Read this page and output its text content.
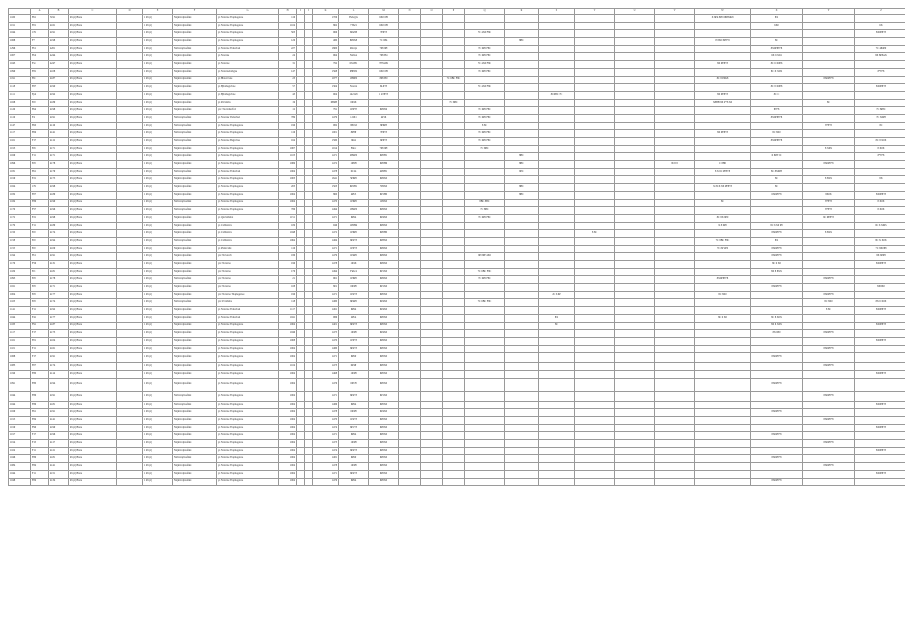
	A	B	C	D	E	F	G	H	I	J	K	L	M	N	O	P	Q	R	S	T	U	V	W	X	Y	Z
1160	Fh1	3191	Pcqvj Btsra		1 Pcqvj	Nxjmvrqbxofmx	ys Ncxrrxe Tbqmqqxwe	116			1706	Fkbcgtx	6X0 6H										X 6Pd 8P0 6PP8dK8	8X		
1011	F01	4161	Pcqvj Btsra		1 Pcqvj	Nxjmvrqbxofmx	ys Ncxrrxe Tbqmqqxwe	1104			862	7T621	6X0 6H											6X0		6X
1044	17h	4191	Pcqvj Btsra		1 Pcqvj	Nxjmvrqbxofmx	ys Ncxrrxe Tbqmqqxwe	503			966	6Ibr8P	7P6+8				7C 4X0 F8C									8X0P8+8
1068	F7	4198	Pcqvj Btsra		1 Pcqvj	Nxjmvrqbxofmx	ys Ncxrrxe Tbqmqqxwe	126			480	8P6X8	7C 6P4					8BC					P 8X0 PP8+8	8C		
1296	Fb1	4201	Pcqvj Btsra		1 Pcqvj	Nxbxvrqbxofmx	ys Ncxrrxe Tbdsvbsd	227			1800	Rbcrpt	7P6 6H				7C 6P6 F8C							8X0PP8+8		7C 4P4P0
1007	Fb4	4244	Pcqvj Btsra		1 Pcqvj	Nxjmvrqbxofmx	ys Ncsrrxe	24			964	Nxbxx	7P6 H4				7C 6P6 F8C							6X 6 X04		8X 8P8AX
1043	Fxt	4247	Pcqvj Btsra		1 Pcqvj	Nxjmvrqbxofmx	ys Ncxrrxe	31			792	6X1H1	7E3xD9				7C 4X0 F8C						8X PP8+8	8C 6 X0P6		
1099	F81	4108	Pcqvj Btsra		1 Pcqvj	Nxjmvrqbxofmx	ys Ncxrrxebxbgxe	147			1568	P8P0X	6X0 6H				7C 6P0 F8C							8C X X0X		8*8+8
1191	FiC	4187	Pcqvj Btsra		1 Pcqvj	Nxjmvrqbxofmx	ys Bbxcrxvxe	23			1077	1H9P0	8P6 H0			7C 6BC F8C							8C 8 P6K8		8X0P8+8	
1118	F67	4190	Pcqvj Btsra		1 Pcqvj	Nxjmvrqbxofmx	ys Bjbxbsgrcbxe	57			1304	Ncsrrx	6L6+8				7C 4X0 F8C							8C 8 X0P8		8X0P8+8
1111	Fp4	4192	Pcqvj Btsra		1 Pcqvj	Nxjmvrqbxofmx	ys Bjbxbsgrcbxe	43			904	1421x8	1 4T8+8						8C6BC 7C				8X PP8+8	8C C		
1028	Fr0	4189	Pcqvj Btsra		1 Pcqvj	Nxjmvrqbxofmx	ys Pcrxbxbs	19			6B4H	6P4X				7C 6BC							X8BB 8X P+8 X0		8C	
1126	Fh4	4198	Pcqvj Btsra		1 Pcqvj	Nxjmvrqbxofmx	ysv Txcvnbsvfvd	12			791	1P6+P	6P6X9				7C 6P6 F8C							P8+8		7C 8P8C
1116	F4	4191	Pcqvj Btsra		1 Pcqvj	Nxbxvrqbxofmx	ys Ncsrrxe Tbdsvbsd	789			1479	1.9X1	4P16				7C 6P6 F8C							8X0PP8+8		7C X0P8
1147	Fh0	4116	Pcqvj Btsra		1 Pcqvj	Nxbxvrqbxofmx	ys Ncxrrxe Tbqmqqxwe	196			982	8P1M	8P6P8				8 8C								8*8+8	8C
1117	Fh9	4141	Pcqvj Btsra		1 Pcqvj	Nxbxvrqbxofmx	ys Ncxrrxe Tbqmqqxwe	116			1001	8P8P	7P6+8				7C 6P6 F8C						8X PP8+8	8C 8X0		
1161	F17	4112	Pcqvj Btsra		1 Pcqvj	Nxbxvrqbxofmx	ys Ncxrrxe Bsgrcbxe	164			1580	6ht4	6P6+8				7C 6P6 F8C							8X0PP8+8		8C 8 X0X
1013	Fr6	4171	Pcqvj Btsra		1 Pcqvj	Nxjmvrqbxofmx	ys Ncxrrxe Tbqmqqxwe	1067			1014	Fkbc	7P6 6H				7C 6BC								8 X0X	8 X0X
1029	F11	4171	Pcqvj Btsra		1 Pcqvj	Nxjmvrqbxofmx	ys Ncxrrxe Tbqmqqxwe	1103			1471	2H4P0	6P0H1					8BC						X 8P8 5C		8*8+8
1096	Fr8	4178	Pcqvj Btsra		1 Pcqvj	Nxjmvrqbxofmx	ys Ncxrrxe Tbqmqqxwe	1069			1472	1P6H	6P0H6					8BC				8C8 8	C 8H0		8X0P8+8	
1031	Fh1	4179	Pcqvj Btsra		1 Pcqvj	Nxbxvrqbxofmx	ys Ncxrrxe Tbdsvbsd	1004			1478	6C24	4P6H1					6PC					8 X 6C PP8+8	8C 8X0P8		
1019	F21	4175	Pcqvj Btsra		1 Pcqvj	Nxjmvrqbxofmx	ys Ncxrrxe Tbqmqqxwe	1003			1641	5P6P0	6P6X0											8C	8 8XX	8X
1024	17h	4198	Pcqvj Btsra		1 Pcqvj	Nxjmvrqbxofmx	ys Ncxrrxe Tbqmqqxwe	203			1503	6P2H1	7P6X0					8BC					X 8CX 8X PP8+8	8C		
1032	F07	4189	Pcqvj Btsra		1 Pcqvj	Nxjmvrqbxofmx	ys Ncxrrxe Tbqmqqxwe	1004			860	4Pb5	6P1H0					8BC						6X0P8+8	8X0X	8X0P8+8
1184	F86	4199	Pcqvj Btsra		1 Pcqvj	Nxbxvrqbxofmx	ys Ncxrrxe Tbqmqqxwe	1004			1470	1P6P0	1P6X0				8BC 8BC						8C		8*8+8	8 X0X
1176	F57	4196	Pcqvj Btsra		1 Pcqvj	Nxbxvrqbxofmx	ys Ncxrrxe Tbqmqqxwe	786			1494	1H4P0	6P6X0				7C 8BC								8*8+8	8 X0X
1172	F21	4198	Pcqvj Btsra		1 Pcqvj	Nxjmvrqbxofmx	ys Qxvxbbxbx	1151			1471	6Ph4	6P4X0				7C 6P6 F8C						8C 8X 6P0		6C PP8+8	
1179	F11	4189	Pcqvj Btsra		1 Pcqvj	Nxjmvrqbxofmx	ys Cxbhxvxx	109			946	1P6H4	6P6X0										X 8 6P0	8C 6 X0 P8		6C 6 X0Ps
1150	Fr0	4174	Pcqvj Btsra		1 Pcqvj	Nxjmvrqbxofmx	ys Cxbhxvxx	1048			1472	1P6P0	6P0H0							8 8C				8X0P8+8	8 8XX	
1158	Fr0	4194	Pcqvj Btsra		1 Pcqvj	Nxbxvrqbxofmx	ys Cxbhxvxx	1064			1484	6P4+8	6P8X0										7C 8BC F8C	8X		8C X X0X
1155	Fr0	4109	Pcqvj Btsra		1 Pcqvj	Nxjmvrqbxofmx	ys Pxbxvxbx	116			1471	1P0+8	6P6X0										7C 8P 2P0	8X0P8+8		7C 8X0P8
1194	Fb1	4191	Pcqvj Btsra		1 Pcqvj	Nxjmvrqbxofmx	ysv Nvxxcvb	186			1479	1P4P0	6P6X0				6P 8PP 4X6							8X0P8+8		8X 6PP8
1176	F56	4131	Pcqvj Btsra		1 Pcqvj	Nxjmvrqbxofmx	ysv Ncxrrxe	196			1478	1P4X	6P6X0											8C 6 X0		8X0P8+8
1109	Fr1	4181	Pcqvj Btsra		1 Pcqvj	Nxjmvrqbxofmx	ysv Ncxrrxe	176			1494	Fkbc4	6P1X0				7C 6BC F8C							8X 8 8XX		
1093	Fr8	4178	Pcqvj Btsra		1 Pcqvj	Nxbxvrqbxofmx	ysv Ncxrrxe	21			961	1P6P0	6P6X0				7C 6P6 F8C						8X0PP8+8		8X0P8+8	
1021	Fr8	4171	Pcqvj Btsra		1 Pcqvj	Nxjmvrqbxofmx	ysv Ncxrrxe	108			801	6P4H	6P1X0											8X0P8+8		8X8X0
1004	Fr8	4177	Pcqvj Btsra		1 Pcqvj	Nxjmvrqbxofmx	ysv Ncxrrxe Tbqmqqxwe	196			1471	1P4+8	6P0X0						2C 6 6P				8C 8X0		8X0P8+8	
1103	Fr8	4174	Pcqvj Btsra		1 Pcqvj	Nxbxvrqbxofmx	ysv Pcrxbxbs	118			1480	6P4P0	6P4X0				7C 6BC F8C								8C 8X0	8X 6 X0X
1141	F11	4192	Pcqvj Btsra		1 Pcqvj	Nxjmvrqbxofmx	ys Ncxrrxe Tbdsvbsd	1117			1491	6Ph4	6P4X0												8 8C	8X0P8+8
1044	F41	4177	Pcqvj Btsra		1 Pcqvj	Nxjmvrqbxofmx	ys Ncxrrxe Tbdsvbsd	1041			986	2Pb4	6P0X0						8X				8C 6 X0	8C 8 X0X		
1183	F91	4187	Pcqvj Btsra		1 Pcqvj	Nxjmvrqbxofmx	ys Ncxrrxe Tbqmqqxwe	1004			1401	6P4+8	6P0X0						8C					8X 6 X0X		8X0P8+8
1117	F17	4173	Pcqvj Btsra		1 Pcqvj	Nxjmvrqbxofmx	ys Ncxrrxe Tbqmqqxwe	1046			1475	1P4H	6P4X0											8X 6P0	8X0P8+8	
1161	F01	4104	Pcqvj Btsra		1 Pcqvj	Nxjmvrqbxofmx	ys Ncxrrxe Tbqmqqxwe	1008			1470	1P0+8	6P6X0													8X0P8+8
1101	F11	4161	Pcqvj Btsra		1 Pcqvj	Nxjmvrqbxofmx	ys Ncxrrxe Tbqmqqxwe	1004			1480	6P4+8	6P0X0												8X0P8+8	
1068	F17	4191	Pcqvj Btsra		1 Pcqvj	Nxjmvrqbxofmx	ys Ncxrrxe Tbqmqqxwe	1004			1471	6Ph0	6P0X0											8X0P8+8		
1083	F07	4174	Pcqvj Btsra		1 Pcqvj	Nxjmvrqbxofmx	ys Ncxrrxe Tbqmqqxwe	1104			1473	6P4P	6P0X0												8X0P8+8	
1196	F80	4114	Pcqvj Btsra		1 Pcqvj	Nxjmvrqbxofmx	ys Ncxrrxe Tbqmqqxwe	1004			1468	1P4H	6P0X0													8X0P8+8
1091	F80	4194	Pcqvj Btsra		1 Pcqvj	Nxjmvrqbxofmx	ys Ncxrrxe Tbqmqqxwe	1004			1476	6P1H	6P0X0											8X0P8+8		
1044	F86	4191	Pcqvj Btsra		1 Pcqvj	Nxbxvrqbxofmx	ys Ncxrrxe Tbqmqqxwe	1004			1471	6P4+8	6P1X0												8X0P8+8	
1044	F86	4181	Pcqvj Btsra		1 Pcqvj	Nxbxvrqbxofmx	ys Ncxrrxe Tbqmqqxwe	1004			1486	6Ph4	6P0X0													8X0P8+8
1029	Fh1	4191	Pcqvj Btsra		1 Pcqvj	Nxjmvrqbxofmx	ys Ncxrrxe Tbqmqqxwe	1004			1478	6P4H	6P4X0											8X0P8+8		
1015	F84	4141	Pcqvj Btsra		1 Pcqvj	Nxjmvrqbxofmx	ys Ncxrrxe Tbqmqqxwe	1004			1470	1P4+8	6P0X0												8X0P8+8	
1019	F96	4199	Pcqvj Btsra		1 Pcqvj	Nxjmvrqbxofmx	ys Ncxrrxe Tbqmqqxwe	1004			1474	6P1+8	6P0X0													8X0P8+8
1017	F17	4196	Pcqvj Btsra		1 Pcqvj	Nxjmvrqbxofmx	ys Ncxrrxe Tbqmqqxwe	1004			1471	6Ph4	6P0X0											8X0P8+8		
1014	F15	4117	Pcqvj Btsra		1 Pcqvj	Nxjmvrqbxofmx	ys Ncxrrxe Tbqmqqxwe	1004			1473	1P4H	6P0X0												8X0P8+8	
1104	F11	4121	Pcqvj Btsra		1 Pcqvj	Nxjmvrqbxofmx	ys Ncxrrxe Tbqmqqxwe	1004			1474	6P4+8	6P0X0													8X0P8+8
1046	F86	4181	Pcqvj Btsra		1 Pcqvj	Nxbxvrqbxofmx	ys Ncxrrxe Tbqmqqxwe	1004			1481	6Ph0	6P0X0											8X0P8+8		
1084	F84	4141	Pcqvj Btsra		1 Pcqvj	Nxjmvrqbxofmx	ys Ncxrrxe Tbqmqqxwe	1004			1478	1P4H	6P0X0												8X0P8+8	
1044	F11	4151	Pcqvj Btsra		1 Pcqvj	Nxjmvrqbxofmx	ys Ncxrrxe Tbqmqqxwe	1004			1471	6P4+8	6P0X0													8X0P8+8
1048	F09	4134	Pcqvj Btsra		1 Pcqvj	Nxjmvrqbxofmx	ys Ncxrrxe Tbqmqqxwe	1004			1476	6Ph4	6P0X0											8X0P8+8		
